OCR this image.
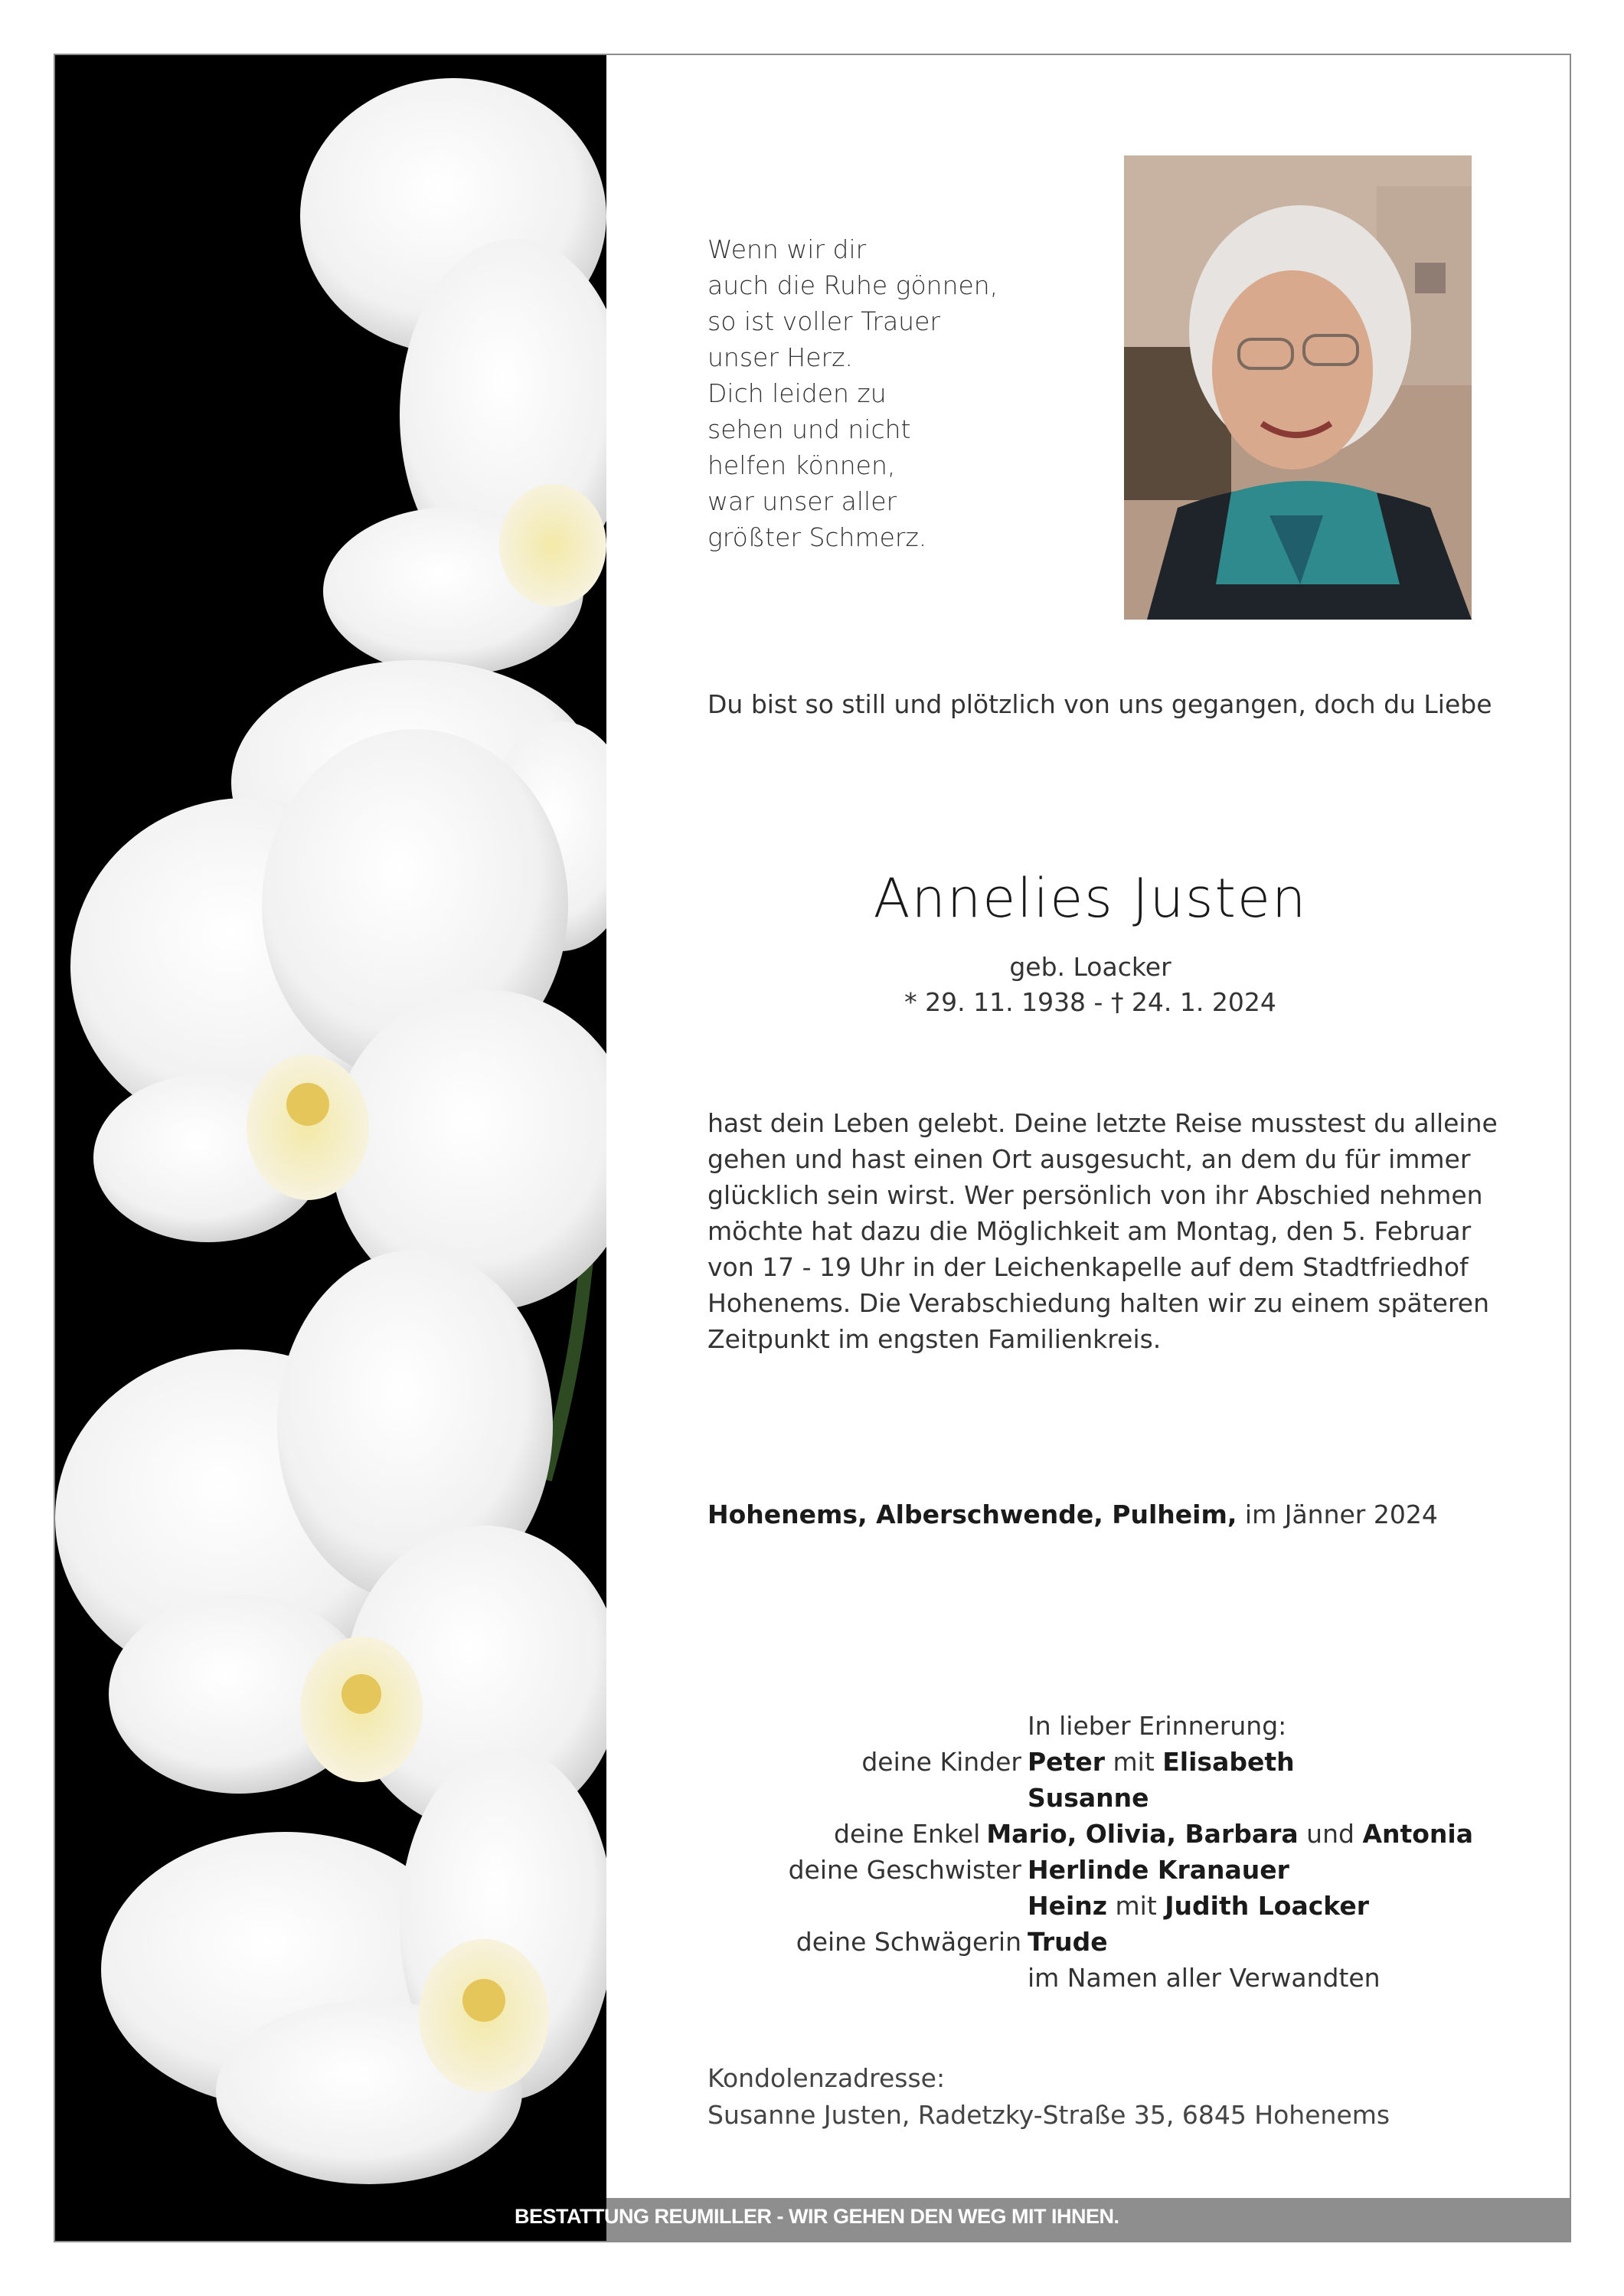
Wenn wir dir
auch die Ruhe gönnen,
so ist voller Trauer
unser Herz.
Dich leiden zu
sehen und nicht
helfen können,
war unser aller
größter Schmerz.
Du bist so still und plötzlich von uns gegangen, doch du Liebe
Annelies Justen
geb. Loacker
* 29. 11. 1938 - † 24. 1. 2024
hast dein Leben gelebt. Deine letzte Reise musstest du alleine
gehen und hast einen Ort ausgesucht, an dem du für immer
glücklich sein wirst. Wer persönlich von ihr Abschied nehmen
möchte hat dazu die Möglichkeit am Montag, den 5. Februar
von 17 - 19 Uhr in der Leichenkapelle auf dem Stadtfriedhof
Hohenems. Die Verabschiedung halten wir zu einem späteren
Zeitpunkt im engsten Familienkreis.
Hohenems, Alberschwende, Pulheim, im Jänner 2024
In lieber Erinnerung:
deine Kinder Peter mit Elisabeth
Susanne
deine Enkel Mario, Olivia, Barbara und Antonia
deine Geschwister Herlinde Kranauer
Heinz mit Judith Loacker
deine Schwägerin Trude
im Namen aller Verwandten
Kondolenzadresse:
Susanne Justen, Radetzky-Straße 35, 6845 Hohenems
BESTATTUNG REUMILLER - WIR GEHEN DEN WEG MIT IHNEN.
